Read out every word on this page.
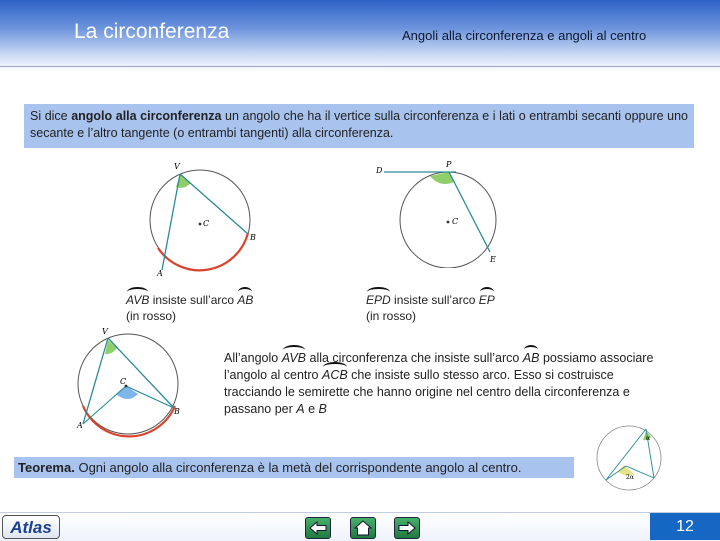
La circonferenza	Angoli alla circonferenza e angoli al centro
Si dice angolo alla circonferenza un angolo che ha il vertice sulla circonferenza e i lati o entrambi secanti oppure uno secante e l’altro tangente (o entrambi tangenti) alla circonferenza.
V
C
B
A
D
P
C
E
AVB insiste sull’arco AB
(in rosso)
EPD insiste sull’arco EP
(in rosso)
V
C
B
A
All’angolo AVB alla circonferenza che insiste sull’arco AB possiamo associare l’angolo al centro ACB che insiste sullo stesso arco. Esso si costruisce tracciando le semirette che hanno origine nel centro della circonferenza e passano per A e B
Teorema. Ogni angolo alla circonferenza è la metà del corrispondente angolo al centro.
α
2α
Atlas	12
